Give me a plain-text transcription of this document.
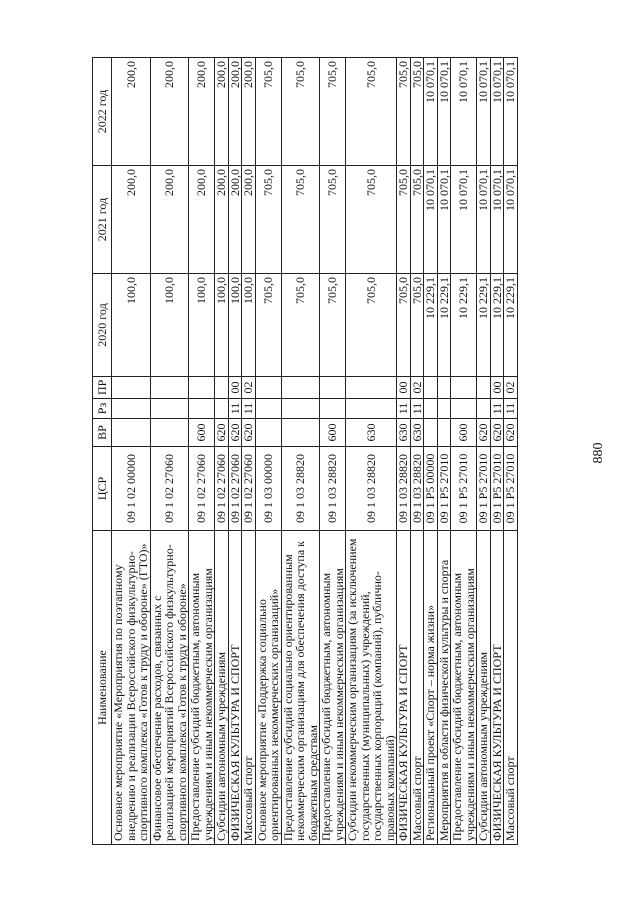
880
Наименование	ЦСР	ВР	Рз	ПР	2020 год	2021 год	2022 год
Основное мероприятие «Мероприятия по поэтапному внедрению и реализации Всероссийского физкультурно-спортивного комплекса «Готов к труду и обороне» (ГТО)»	09 1 02 00000				100,0	200,0	200,0
Финансовое обеспечение расходов, связанных с реализацией мероприятий Всероссийского физкультурно-спортивного комплекса «Готов к труду и обороне»	09 1 02 27060				100,0	200,0	200,0
Предоставление субсидий бюджетным, автономным учреждениям и иным некоммерческим организациям	09 1 02 27060	600			100,0	200,0	200,0
Субсидии автономным учреждениям	09 1 02 27060	620			100,0	200,0	200,0
ФИЗИЧЕСКАЯ КУЛЬТУРА И СПОРТ	09 1 02 27060	620	11	00	100,0	200,0	200,0
Массовый спорт	09 1 02 27060	620	11	02	100,0	200,0	200,0
Основное мероприятие «Поддержка социально ориентированных некоммерческих организаций»	09 1 03 00000				705,0	705,0	705,0
Предоставление субсидий социально ориентированным некоммерческим организациям для обеспечения доступа к бюджетным средствам	09 1 03 28820				705,0	705,0	705,0
Предоставление субсидий бюджетным, автономным учреждениям и иным некоммерческим организациям	09 1 03 28820	600			705,0	705,0	705,0
Субсидии некоммерческим организациям (за исключением государственных (муниципальных) учреждений, государственных корпораций (компаний), публично-правовых компаний)	09 1 03 28820	630			705,0	705,0	705,0
ФИЗИЧЕСКАЯ КУЛЬТУРА И СПОРТ	09 1 03 28820	630	11	00	705,0	705,0	705,0
Массовый спорт	09 1 03 28820	630	11	02	705,0	705,0	705,0
Региональный проект «Спорт – норма жизни»	09 1 P5 00000				10 229,1	10 070,1	10 070,1
Мероприятия в области физической культуры и спорта	09 1 P5 27010				10 229,1	10 070,1	10 070,1
Предоставление субсидий бюджетным, автономным учреждениям и иным некоммерческим организациям	09 1 P5 27010	600			10 229,1	10 070,1	10 070,1
Субсидии автономным учреждениям	09 1 P5 27010	620			10 229,1	10 070,1	10 070,1
ФИЗИЧЕСКАЯ КУЛЬТУРА И СПОРТ	09 1 P5 27010	620	11	00	10 229,1	10 070,1	10 070,1
Массовый спорт	09 1 P5 27010	620	11	02	10 229,1	10 070,1	10 070,1
